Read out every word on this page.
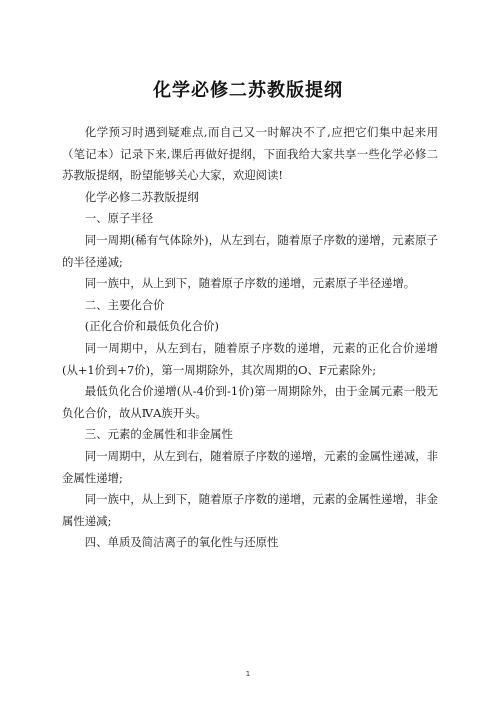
化学必修二苏教版提纲

化学预习时遇到疑难点,而自己又一时解决不了,应把它们集中起来用（笔记本）记录下来,课后再做好提纲，下面我给大家共享一些化学必修二苏教版提纲，盼望能够关心大家，欢迎阅读!

化学必修二苏教版提纲

一、原子半径

同一周期(稀有气体除外)，从左到右，随着原子序数的递增，元素原子的半径递减;

同一族中，从上到下，随着原子序数的递增，元素原子半径递增。

二、主要化合价

(正化合价和最低负化合价)

同一周期中，从左到右，随着原子序数的递增，元素的正化合价递增(从+1价到+7价)，第一周期除外，其次周期的O、F元素除外;

最低负化合价递增(从-4价到-1价)第一周期除外，由于金属元素一般无负化合价，故从ⅣA族开头。

三、元素的金属性和非金属性

同一周期中，从左到右，随着原子序数的递增，元素的金属性递减，非金属性递增;

同一族中，从上到下，随着原子序数的递增，元素的金属性递增，非金属性递减;

四、单质及简洁离子的氧化性与还原性

1
